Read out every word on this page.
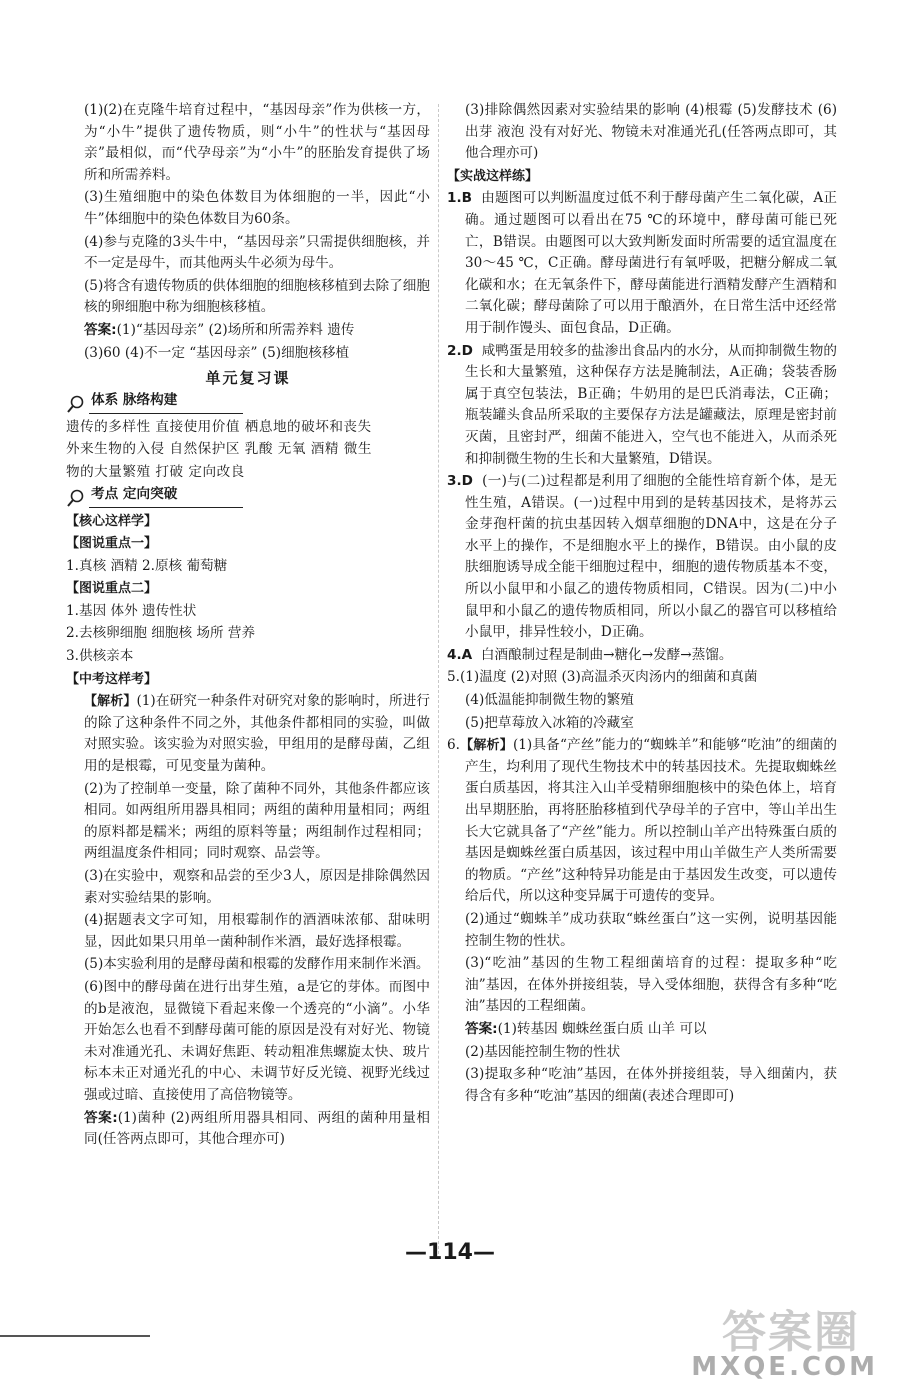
(1)(2)在克隆牛培育过程中，“基因母亲”作为供核一方，为“小牛”提供了遗传物质，则“小牛”的性状与“基因母亲”最相似，而“代孕母亲”为“小牛”的胚胎发育提供了场所和所需养料。

(3)生殖细胞中的染色体数目为体细胞的一半，因此“小牛”体细胞中的染色体数目为60条。

(4)参与克隆的3头牛中，“基因母亲”只需提供细胞核，并不一定是母牛，而其他两头牛必须为母牛。

(5)将含有遗传物质的供体细胞的细胞核移植到去除了细胞核的卵细胞中称为细胞核移植。

答案:(1)“基因母亲” (2)场所和所需养料 遗传

(3)60 (4)不一定 “基因母亲” (5)细胞核移植

单元复习课
体系 脉络构建

遗传的多样性 直接使用价值 栖息地的破坏和丧失

外来生物的入侵 自然保护区 乳酸 无氧 酒精 微生

物的大量繁殖 打破 定向改良

考点 定向突破

【核心这样学】

【图说重点一】

1.真核 酒精 2.原核 葡萄糖

【图说重点二】

1.基因 体外 遗传性状

2.去核卵细胞 细胞核 场所 营养

3.供核亲本

【中考这样考】

【解析】(1)在研究一种条件对研究对象的影响时，所进行的除了这种条件不同之外，其他条件都相同的实验，叫做对照实验。该实验为对照实验，甲组用的是酵母菌，乙组用的是根霉，可见变量为菌种。

(2)为了控制单一变量，除了菌种不同外，其他条件都应该相同。如两组所用器具相同；两组的菌种用量相同；两组的原料都是糯米；两组的原料等量；两组制作过程相同；两组温度条件相同；同时观察、品尝等。

(3)在实验中，观察和品尝的至少3人，原因是排除偶然因素对实验结果的影响。

(4)据题表文字可知，用根霉制作的酒酒味浓郁、甜味明显，因此如果只用单一菌种制作米酒，最好选择根霉。

(5)本实验利用的是酵母菌和根霉的发酵作用来制作米酒。

(6)图中的酵母菌在进行出芽生殖，a是它的芽体。而图中的b是液泡，显微镜下看起来像一个透亮的“小滴”。小华开始怎么也看不到酵母菌可能的原因是没有对好光、物镜未对准通光孔、未调好焦距、转动粗准焦螺旋太快、玻片标本未正对通光孔的中心、未调节好反光镜、视野光线过强或过暗、直接使用了高倍物镜等。

答案:(1)菌种 (2)两组所用器具相同、两组的菌种用量相同(任答两点即可，其他合理亦可)

(3)排除偶然因素对实验结果的影响 (4)根霉 (5)发酵技术 (6)出芽 液泡 没有对好光、物镜未对准通光孔(任答两点即可，其他合理亦可)

【实战这样练】

1.B 由题图可以判断温度过低不利于酵母菌产生二氧化碳，A正确。通过题图可以看出在75 ℃的环境中，酵母菌可能已死亡，B错误。由题图可以大致判断发面时所需要的适宜温度在30～45 ℃，C正确。酵母菌进行有氧呼吸，把糖分解成二氧化碳和水；在无氧条件下，酵母菌能进行酒精发酵产生酒精和二氧化碳；酵母菌除了可以用于酿酒外，在日常生活中还经常用于制作馒头、面包食品，D正确。

2.D 咸鸭蛋是用较多的盐渗出食品内的水分，从而抑制微生物的生长和大量繁殖，这种保存方法是腌制法，A正确；袋装香肠属于真空包装法，B正确；牛奶用的是巴氏消毒法，C正确；瓶装罐头食品所采取的主要保存方法是罐藏法，原理是密封前灭菌，且密封严，细菌不能进入，空气也不能进入，从而杀死和抑制微生物的生长和大量繁殖，D错误。

3.D (一)与(二)过程都是利用了细胞的全能性培育新个体，是无性生殖，A错误。(一)过程中用到的是转基因技术，是将苏云金芽孢杆菌的抗虫基因转入烟草细胞的DNA中，这是在分子水平上的操作，不是细胞水平上的操作，B错误。由小鼠的皮肤细胞诱导成全能干细胞过程中，细胞的遗传物质基本不变，所以小鼠甲和小鼠乙的遗传物质相同，C错误。因为(二)中小鼠甲和小鼠乙的遗传物质相同，所以小鼠乙的器官可以移植给小鼠甲，排异性较小，D正确。

4.A 白酒酿制过程是制曲→糖化→发酵→蒸馏。

5.(1)温度 (2)对照 (3)高温杀灭肉汤内的细菌和真菌

(4)低温能抑制微生物的繁殖

(5)把草莓放入冰箱的冷藏室

6.【解析】(1)具备“产丝”能力的“蜘蛛羊”和能够“吃油”的细菌的产生，均利用了现代生物技术中的转基因技术。先提取蜘蛛丝蛋白质基因，将其注入山羊受精卵细胞核中的染色体上，培育出早期胚胎，再将胚胎移植到代孕母羊的子宫中，等山羊出生长大它就具备了“产丝”能力。所以控制山羊产出特殊蛋白质的基因是蜘蛛丝蛋白质基因，该过程中用山羊做生产人类所需要的物质。“产丝”这种特异功能是由于基因发生改变，可以遗传给后代，所以这种变异属于可遗传的变异。

(2)通过“蜘蛛羊”成功获取“蛛丝蛋白”这一实例，说明基因能控制生物的性状。

(3)“吃油”基因的生物工程细菌培育的过程：提取多种“吃油”基因，在体外拼接组装，导入受体细胞，获得含有多种“吃油”基因的工程细菌。

答案:(1)转基因 蜘蛛丝蛋白质 山羊 可以

(2)基因能控制生物的性状

(3)提取多种“吃油”基因，在体外拼接组装，导入细菌内，获得含有多种“吃油”基因的细菌(表述合理即可)

—114—
答案圈
MXQE.COM
